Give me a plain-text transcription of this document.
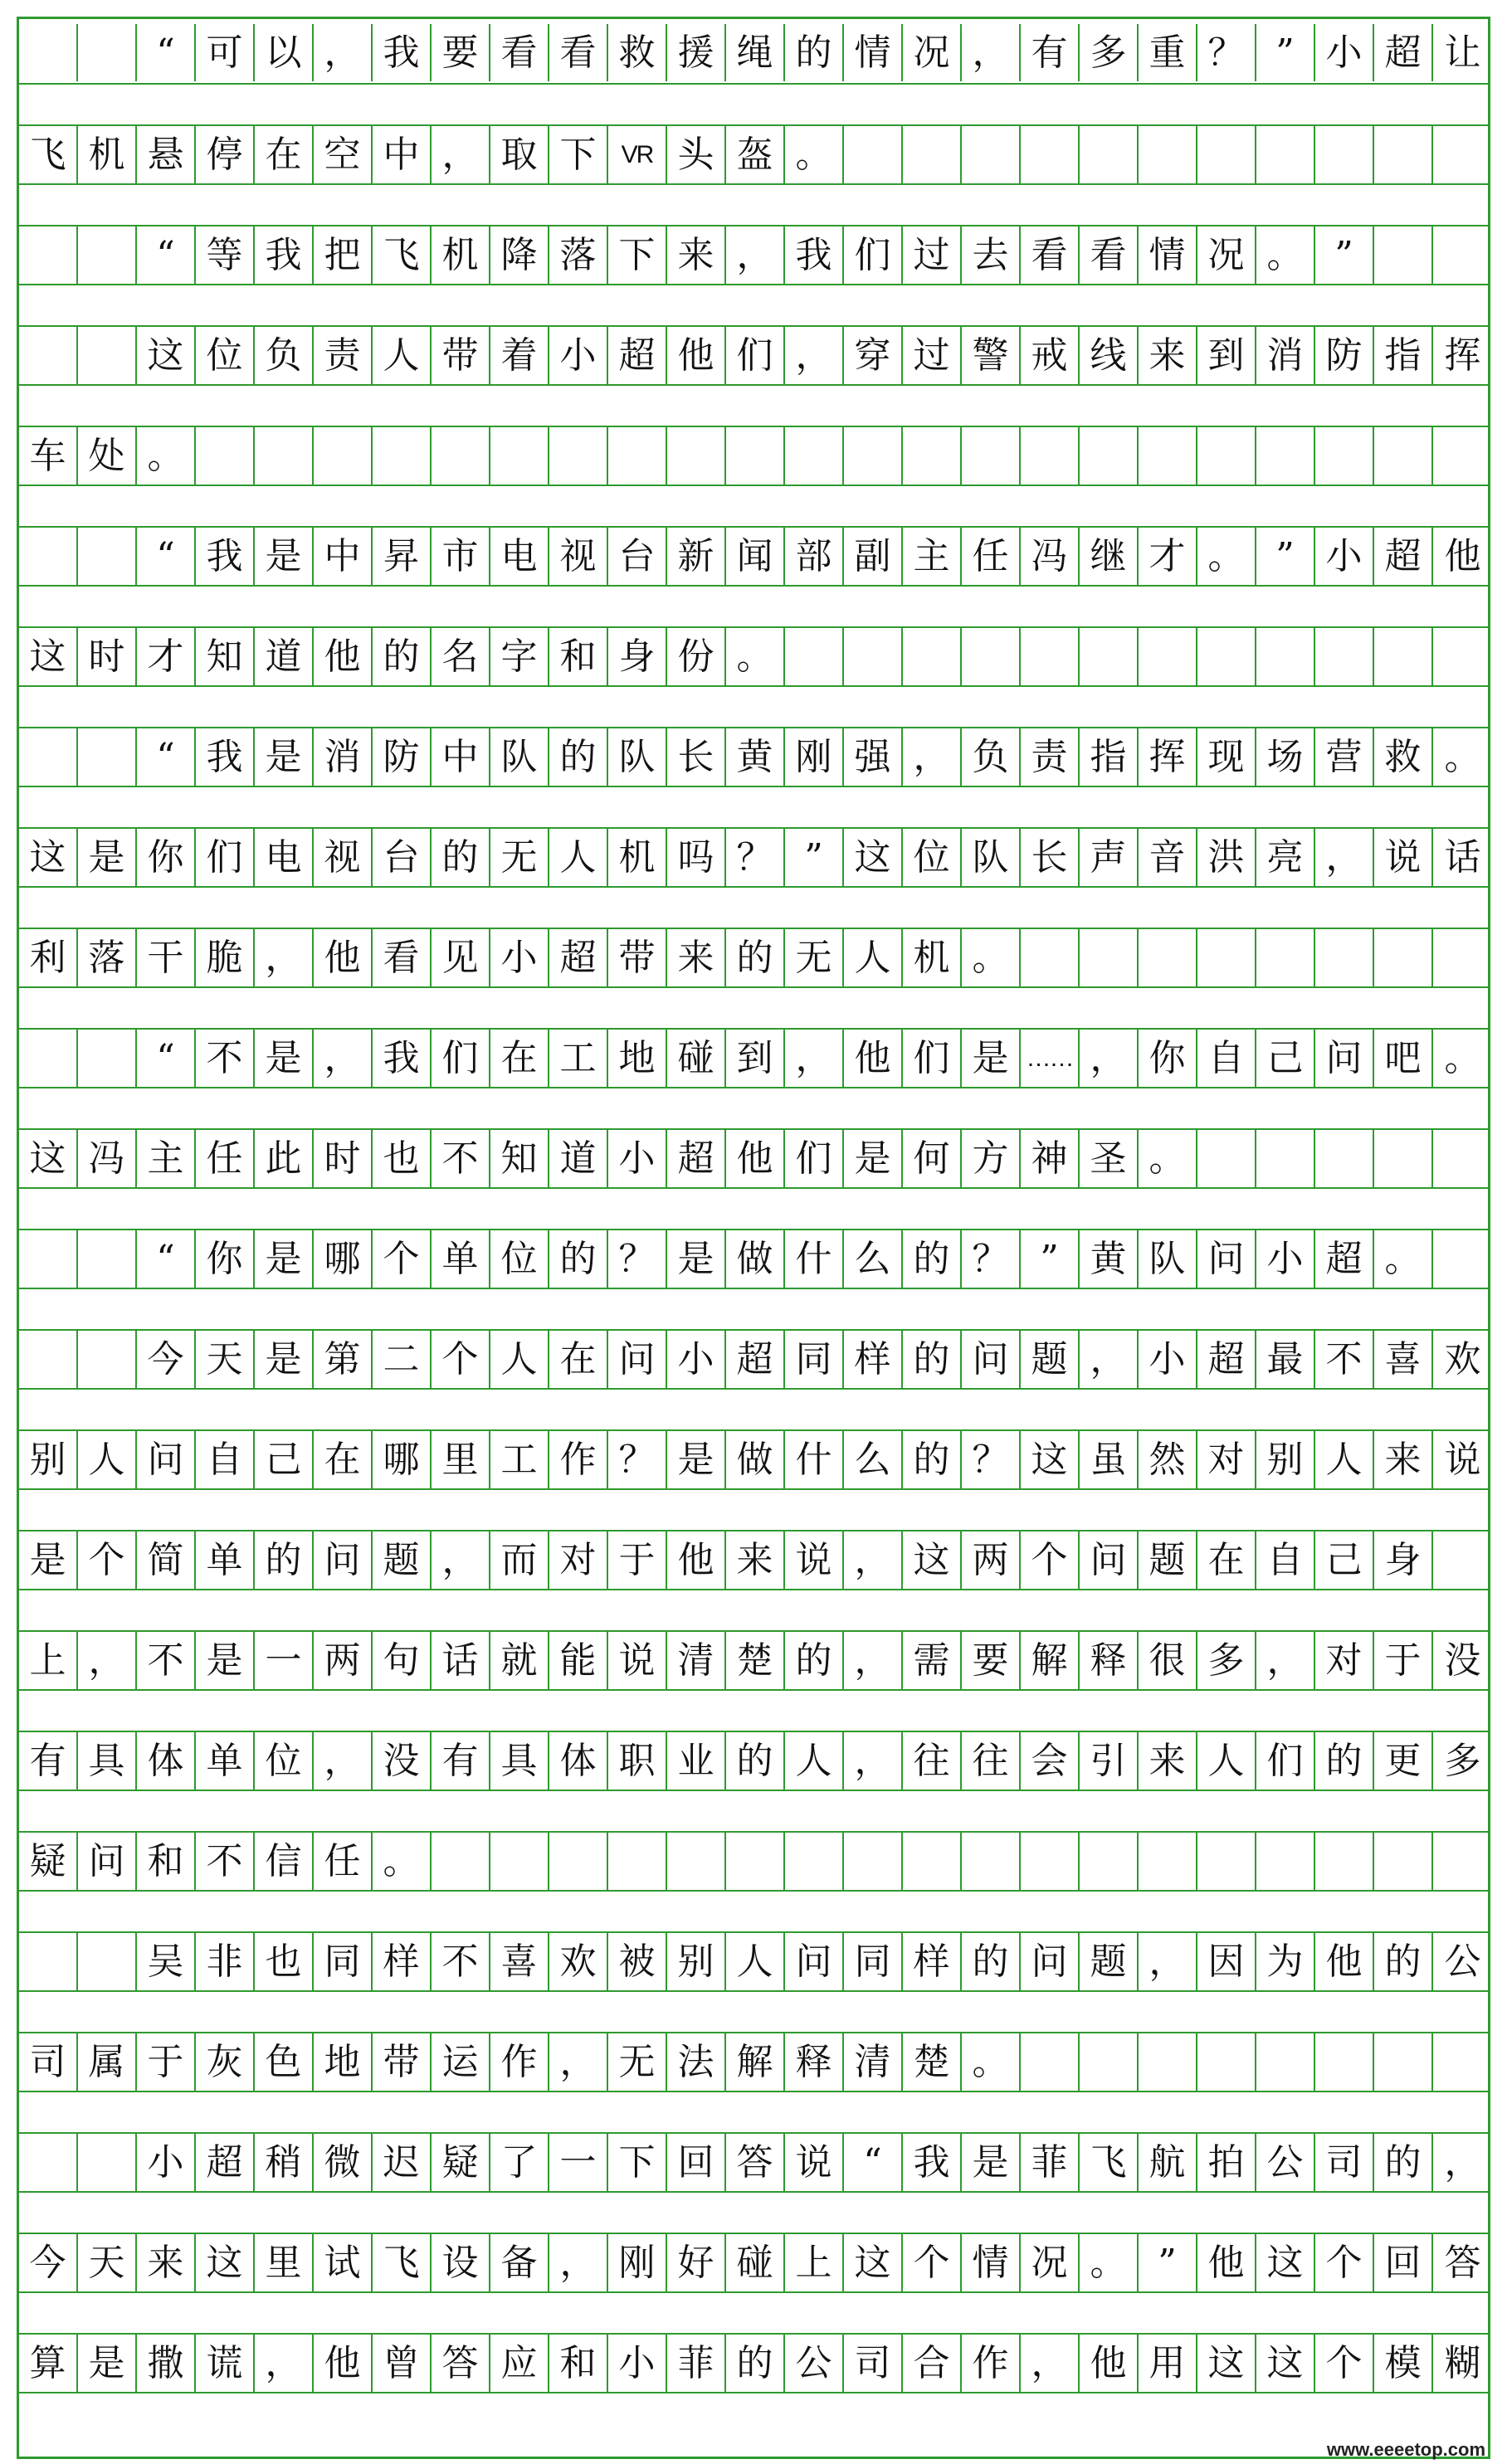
“ 可 以 ， 我 要 看 看 救 援 绳 的 情 况 ， 有 多 重 ？ ” 小 超 让
飞 机 悬 停 在 空 中 ， 取 下	VR 头 盔 。
“ 等 我 把 飞 机 降 落 下 来 ， 我 们 过 去 看 看 情 况 。 ”
这 位 负 责 人 带 着 小 超 他 们 ， 穿 过 警 戒 线 来 到 消 防 指 挥
车 处 。
“ 我 是 中 昇 市 电 视 台 新 闻 部 副 主 任 冯 继 才 。 ” 小 超 他
这 时 才 知 道 他 的 名 字 和 身 份 。
“ 我 是 消 防 中 队 的 队 长 黄 刚 强 ， 负 责 指 挥 现 场 营 救 。
这 是 你 们 电 视 台 的 无 人 机 吗 ？ ” 这 位 队 长 声 音 洪 亮 ， 说 话
利 落 干 脆 ， 他 看 见 小 超 带 来 的 无 人 机 。
“ 不 是 ， 我 们 在 工 地 碰 到 ， 他 们 是 …… ， 你 自 己 问 吧 。
这 冯 主 任 此 时 也 不 知 道 小 超 他 们 是 何 方 神 圣 。
“ 你 是 哪 个 单 位 的 ？ 是 做 什 么 的 ？ ” 黄 队 问 小 超 。
今 天 是 第 二 个 人 在 问 小 超 同 样 的 问 题 ， 小 超 最 不 喜 欢
别 人 问 自 己 在 哪 里 工 作 ？ 是 做 什 么 的 ？ 这 虽 然 对 别 人 来 说
是 个 简 单 的 问 题 ， 而 对 于 他 来 说 ， 这 两 个 问 题 在 自 己 身
上 ， 不 是 一 两 句 话 就 能 说 清 楚 的 ， 需 要 解 释 很 多 ， 对 于 没
有 具 体 单 位 ， 没 有 具 体 职 业 的 人 ， 往 往 会 引 来 人 们 的 更 多
疑 问 和 不 信 任 。
吴 非 也 同 样 不 喜 欢 被 别 人 问 同 样 的 问 题 ， 因 为 他 的 公
司 属 于 灰 色 地 带 运 作 ， 无 法 解 释 清 楚 。
小 超 稍 微 迟 疑 了 一 下 回 答 说 “ 我 是 菲 飞 航 拍 公 司 的 ，
今 天 来 这 里 试 飞 设 备 ， 刚 好 碰 上 这 个 情 况 。 ” 他 这 个 回 答
算 是 撒 谎 ， 他 曾 答 应 和 小 菲 的 公 司 合 作 ， 他 用 这 这 个 模 糊
www.eeeetop.com
